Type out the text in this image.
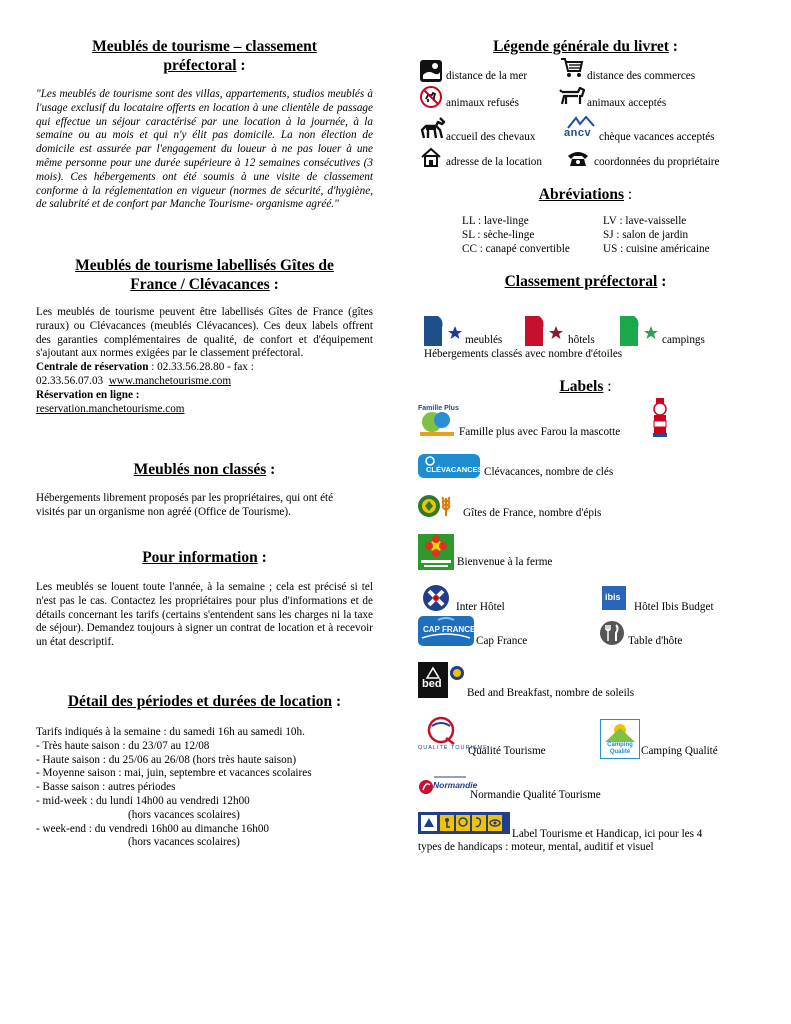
Meublés de tourisme – classement
préfectoral :

"Les meublés de tourisme sont des villas, appartements, studios meublés à l'usage exclusif du locataire offerts en location à une clientèle de passage qui effectue un séjour caractérisé par une location à la journée, à la semaine ou au mois et qui n'y élit pas domicile. La non élection de domicile est assurée par l'engagement du loueur à ne pas louer à une même personne pour une durée supérieure à 12 semaines consécutives (3 mois). Ces hébergements ont été soumis à une visite de classement conforme à la réglementation en vigueur (normes de sécurité, d'hygiène, de salubrité et de confort par Manche Tourisme- organisme agréé."

Meublés de tourisme labellisés Gîtes de
France / Clévacances :

Les meublés de tourisme peuvent être labellisés Gîtes de France (gîtes ruraux) ou Clévacances (meublés Clévacances). Ces deux labels offrent des garanties complémentaires de qualité, de confort et d'équipement s'ajoutant aux normes exigées par le classement préfectoral.

Centrale de réservation : 02.33.56.28.80 - fax :

02.33.56.07.03 www.manchetourisme.com

Réservation en ligne :

reservation.manchetourisme.com

Meublés non classés :

Hébergements librement proposés par les propriétaires, qui ont été visités par un organisme non agréé (Office de Tourisme).

Pour information :

Les meublés se louent toute l'année, à la semaine ; cela est précisé si tel n'est pas le cas. Contactez les propriétaires pour plus d'informations et de détails concernant les tarifs (certains s'entendent sans les charges ni la taxe de séjour). Demandez toujours à signer un contrat de location et à recevoir un état descriptif.

Détail des périodes et durées de location :
Tarifs indiqués à la semaine : du samedi 16h au samedi 10h.
- Très haute saison : du 23/07 au 12/08
- Haute saison : du 25/06 au 26/08 (hors très haute saison)
- Moyenne saison : mai, juin, septembre et vacances scolaires
- Basse saison : autres périodes
- mid-week : du lundi 14h00 au vendredi 12h00
(hors vacances scolaires)
- week-end : du vendredi 16h00 au dimanche 16h00
(hors vacances scolaires)
Légende générale du livret :
distance de la mer	distance des commerces
animaux refusés	animaux acceptés
accueil des chevaux	ancv chèque vacances acceptés
adresse de la location	coordonnées du propriétaire
Abréviations :
LL : lave-linge	LV : lave-vaisselle
SL : sèche-linge	SJ : salon de jardin
CC : canapé convertible	US : cuisine américaine
Classement préfectoral :
meublés	hôtels	campings
Hébergements classés avec nombre d'étoiles
Labels :
Famille Plus
Famille plus avec Farou la mascotte
CLÉVACANCES Clévacances, nombre de clés
Gîtes de France, nombre d'épis
Bienvenue à la ferme
Inter Hôtel
ibis
Hôtel Ibis Budget
CAP FRANCE
Cap France	Table d'hôte
bed
Bed and Breakfast, nombre de soleils
QUALITÉ TOURISME
Qualité Tourisme	Camping Qualité Camping Qualité
Normandie
Normandie Qualité Tourisme
Label Tourisme et Handicap, ici pour les 4
types de handicaps : moteur, mental, auditif et visuel
